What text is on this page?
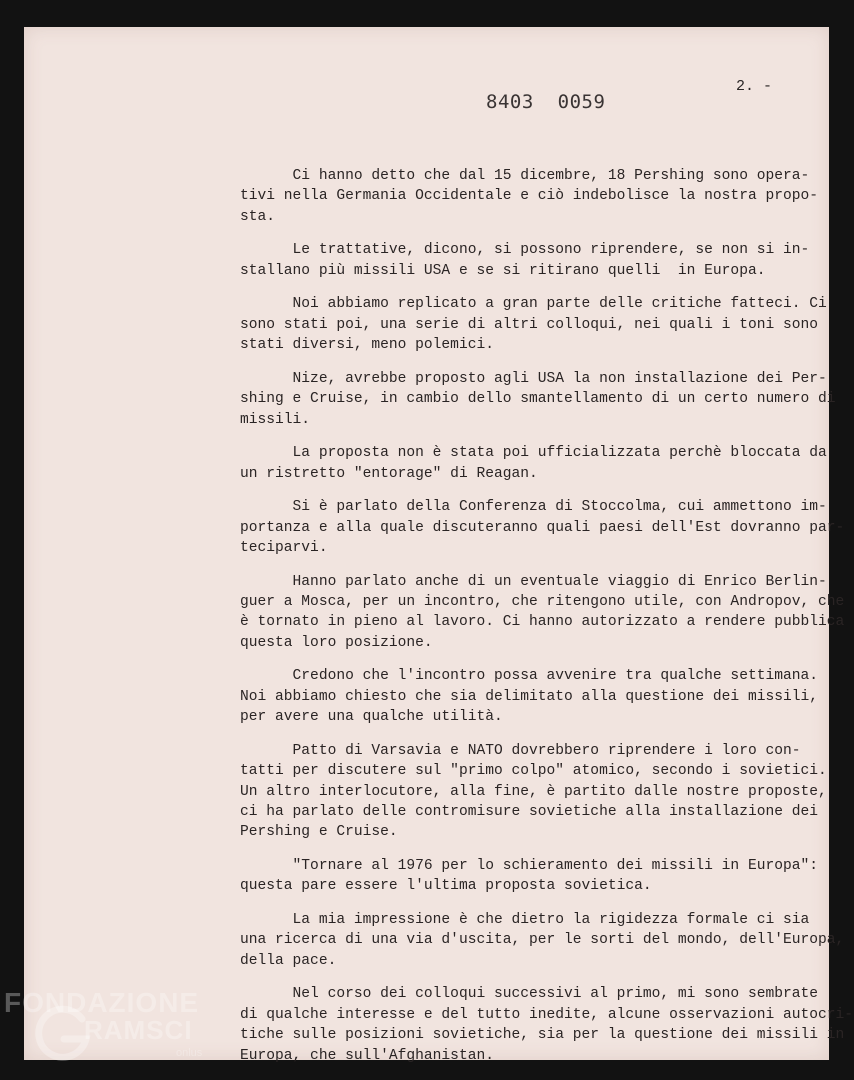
2. -

8403  0059

Ci hanno detto che dal 15 dicembre, 18 Pershing sono opera-
tivi nella Germania Occidentale e ciò indebolisce la nostra propo-
sta.

Le trattative, dicono, si possono riprendere, se non si in-
stallano più missili USA e se si ritirano quelli  in Europa.

Noi abbiamo replicato a gran parte delle critiche fatteci. Ci
sono stati poi, una serie di altri colloqui, nei quali i toni sono
stati diversi, meno polemici.

Nize, avrebbe proposto agli USA la non installazione dei Per-
shing e Cruise, in cambio dello smantellamento di un certo numero di
missili.

La proposta non è stata poi ufficializzata perchè bloccata da
un ristretto "entorage" di Reagan.

Si è parlato della Conferenza di Stoccolma, cui ammettono im-
portanza e alla quale discuteranno quali paesi dell'Est dovranno par-
teciparvi.

Hanno parlato anche di un eventuale viaggio di Enrico Berlin-
guer a Mosca, per un incontro, che ritengono utile, con Andropov, che
è tornato in pieno al lavoro. Ci hanno autorizzato a rendere pubblica
questa loro posizione.

Credono che l'incontro possa avvenire tra qualche settimana.
Noi abbiamo chiesto che sia delimitato alla questione dei missili,
per avere una qualche utilità.

Patto di Varsavia e NATO dovrebbero riprendere i loro con-
tatti per discutere sul "primo colpo" atomico, secondo i sovietici.
Un altro interlocutore, alla fine, è partito dalle nostre proposte,
ci ha parlato delle contromisure sovietiche alla installazione dei
Pershing e Cruise.

"Tornare al 1976 per lo schieramento dei missili in Europa":
questa pare essere l'ultima proposta sovietica.

La mia impressione è che dietro la rigidezza formale ci sia
una ricerca di una via d'uscita, per le sorti del mondo, dell'Europa,
della pace.

Nel corso dei colloqui successivi al primo, mi sono sembrate
di qualche interesse e del tutto inedite, alcune osservazioni autocri-
tiche sulle posizioni sovietiche, sia per la questione dei missili in
Europa, che sull'Afghanistan.

FONDAZIONE

RAMSCI

onlus
